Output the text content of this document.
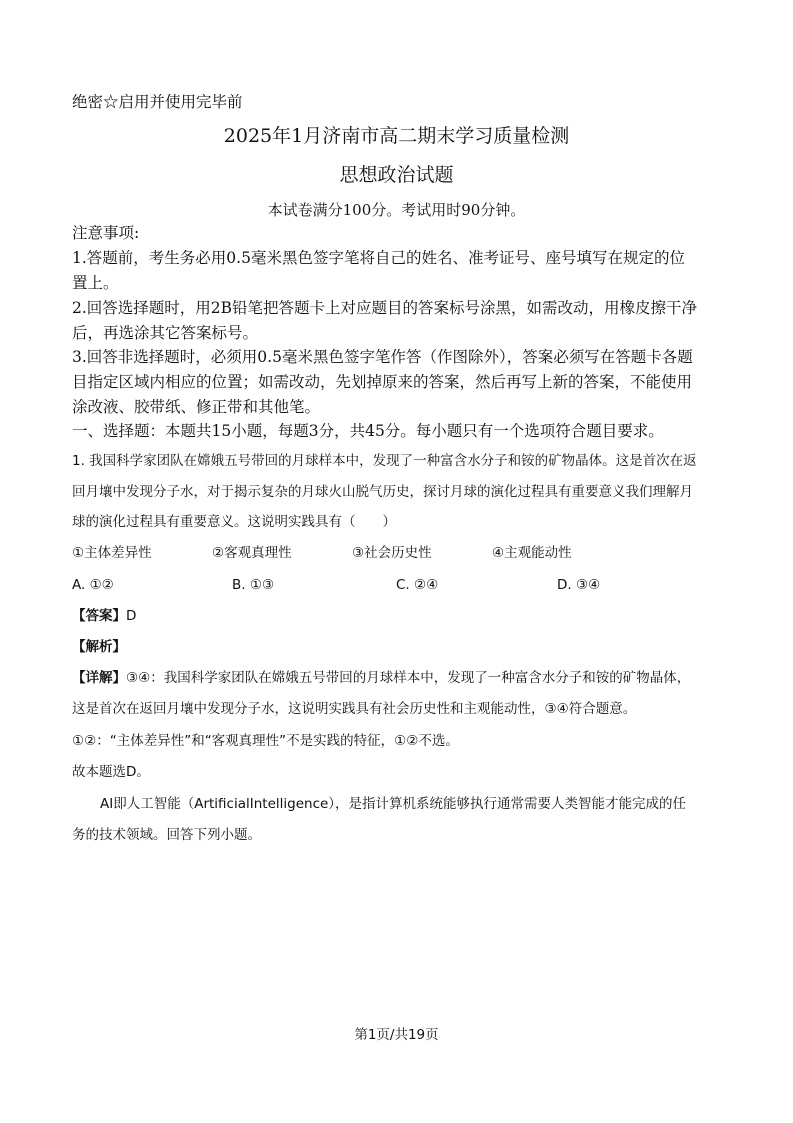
绝密☆启用并使用完毕前
2025年1月济南市高二期末学习质量检测
思想政治试题
本试卷满分100分。考试用时90分钟。
注意事项:
1.答题前，考生务必用0.5毫米黑色签字笔将自己的姓名、准考证号、座号填写在规定的位
置上。
2.回答选择题时，用2B铅笔把答题卡上对应题目的答案标号涂黑，如需改动，用橡皮擦干净
后，再选涂其它答案标号。
3.回答非选择题时，必须用0.5毫米黑色签字笔作答（作图除外），答案必须写在答题卡各题
目指定区域内相应的位置；如需改动，先划掉原来的答案，然后再写上新的答案，不能使用
涂改液、胶带纸、修正带和其他笔。
一、选择题：本题共15小题，每题3分，共45分。每小题只有一个选项符合题目要求。
1. 我国科学家团队在嫦娥五号带回的月球样本中，发现了一种富含水分子和铵的矿物晶体。这是首次在返
回月壤中发现分子水，对于揭示复杂的月球火山脱气历史，探讨月球的演化过程具有重要意义我们理解月
球的演化过程具有重要意义。这说明实践具有（　　）
①主体差异性	②客观真理性	③社会历史性	④主观能动性
A. ①②	B. ①③	C. ②④	D. ③④
【答案】D
【解析】
【详解】③④：我国科学家团队在嫦娥五号带回的月球样本中，发现了一种富含水分子和铵的矿物晶体，
这是首次在返回月壤中发现分子水，这说明实践具有社会历史性和主观能动性，③④符合题意。
①②：“主体差异性”和“客观真理性”不是实践的特征，①②不选。
故本题选D。
AI即人工智能（ArtificialIntelligence），是指计算机系统能够执行通常需要人类智能才能完成的任
务的技术领域。回答下列小题。
第1页/共19页
